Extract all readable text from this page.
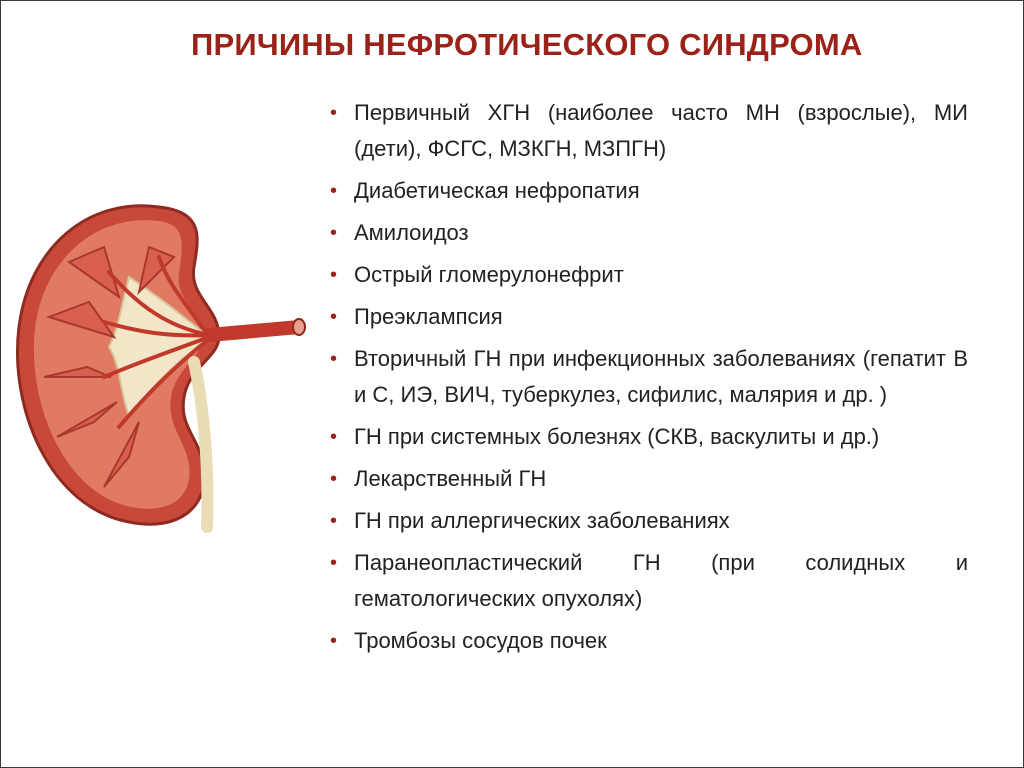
ПРИЧИНЫ НЕФРОТИЧЕСКОГО СИНДРОМА
• Первичный ХГН (наиболее часто МН (взрослые), МИ (дети), ФСГС, МЗКГН, МЗПГН)
• Диабетическая нефропатия
• Амилоидоз
• Острый гломерулонефрит
• Преэклампсия
• Вторичный ГН при инфекционных заболеваниях (гепатит В и С, ИЭ, ВИЧ, туберкулез, сифилис, малярия и др. )
• ГН при системных болезнях (СКВ, васкулиты и др.)
• Лекарственный ГН
• ГН при аллергических заболеваниях
• Паранеопластический ГН (при солидных и гематологических опухолях)
• Тромбозы сосудов почек
